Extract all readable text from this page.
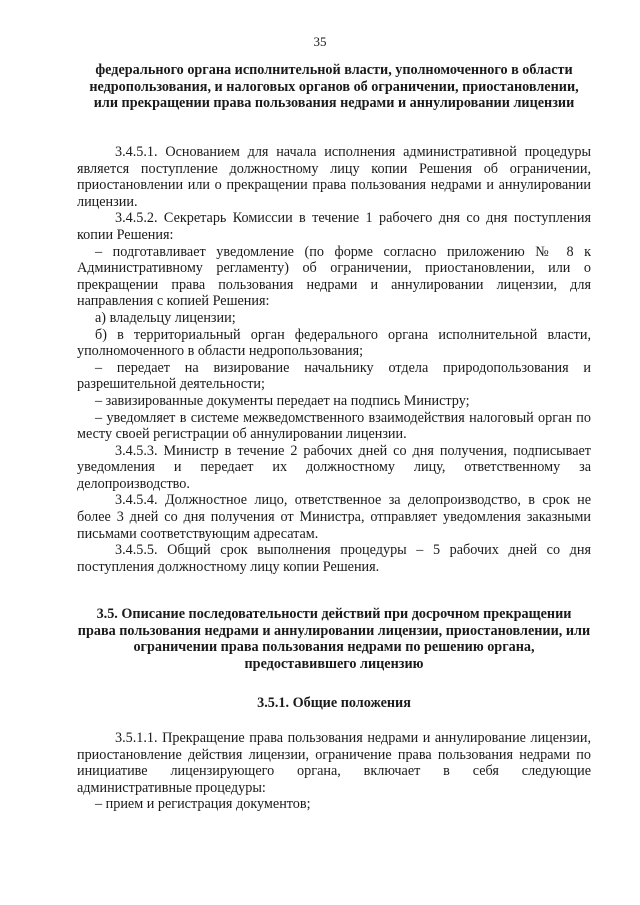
35
федерального органа исполнительной власти, уполномоченного в области недропользования, и налоговых органов об ограничении, приостановлении, или прекращении права пользования недрами и аннулировании лицензии

3.4.5.1. Основанием для начала исполнения административной процедуры является поступление должностному лицу копии Решения об ограничении, приостановлении или о прекращении права пользования недрами и аннулировании лицензии.

3.4.5.2. Секретарь Комиссии в течение 1 рабочего дня со дня поступления копии Решения:

– подготавливает уведомление (по форме согласно приложению № 8 к Административному регламенту) об ограничении, приостановлении, или о прекращении права пользования недрами и аннулировании лицензии, для направления с копией Решения:

а) владельцу лицензии;

б) в территориальный орган федерального органа исполнительной власти, уполномоченного в области недропользования;

– передает на визирование начальнику отдела природопользования и разрешительной деятельности;

– завизированные документы передает на подпись Министру;

– уведомляет в системе межведомственного взаимодействия налоговый орган по месту своей регистрации об аннулировании лицензии.

3.4.5.3. Министр в течение 2 рабочих дней со дня получения, подписывает уведомления и передает их должностному лицу, ответственному за делопроизводство.

3.4.5.4. Должностное лицо, ответственное за делопроизводство, в срок не более 3 дней со дня получения от Министра, отправляет уведомления заказными письмами соответствующим адресатам.

3.4.5.5. Общий срок выполнения процедуры – 5 рабочих дней со дня поступления должностному лицу копии Решения.

3.5. Описание последовательности действий при досрочном прекращении права пользования недрами и аннулировании лицензии, приостановлении, или ограничении права пользования недрами по решению органа, предоставившего лицензию
3.5.1. Общие положения

3.5.1.1. Прекращение права пользования недрами и аннулирование лицензии, приостановление действия лицензии, ограничение права пользования недрами по инициативе лицензирующего органа, включает в себя следующие административные процедуры:

– прием и регистрация документов;
